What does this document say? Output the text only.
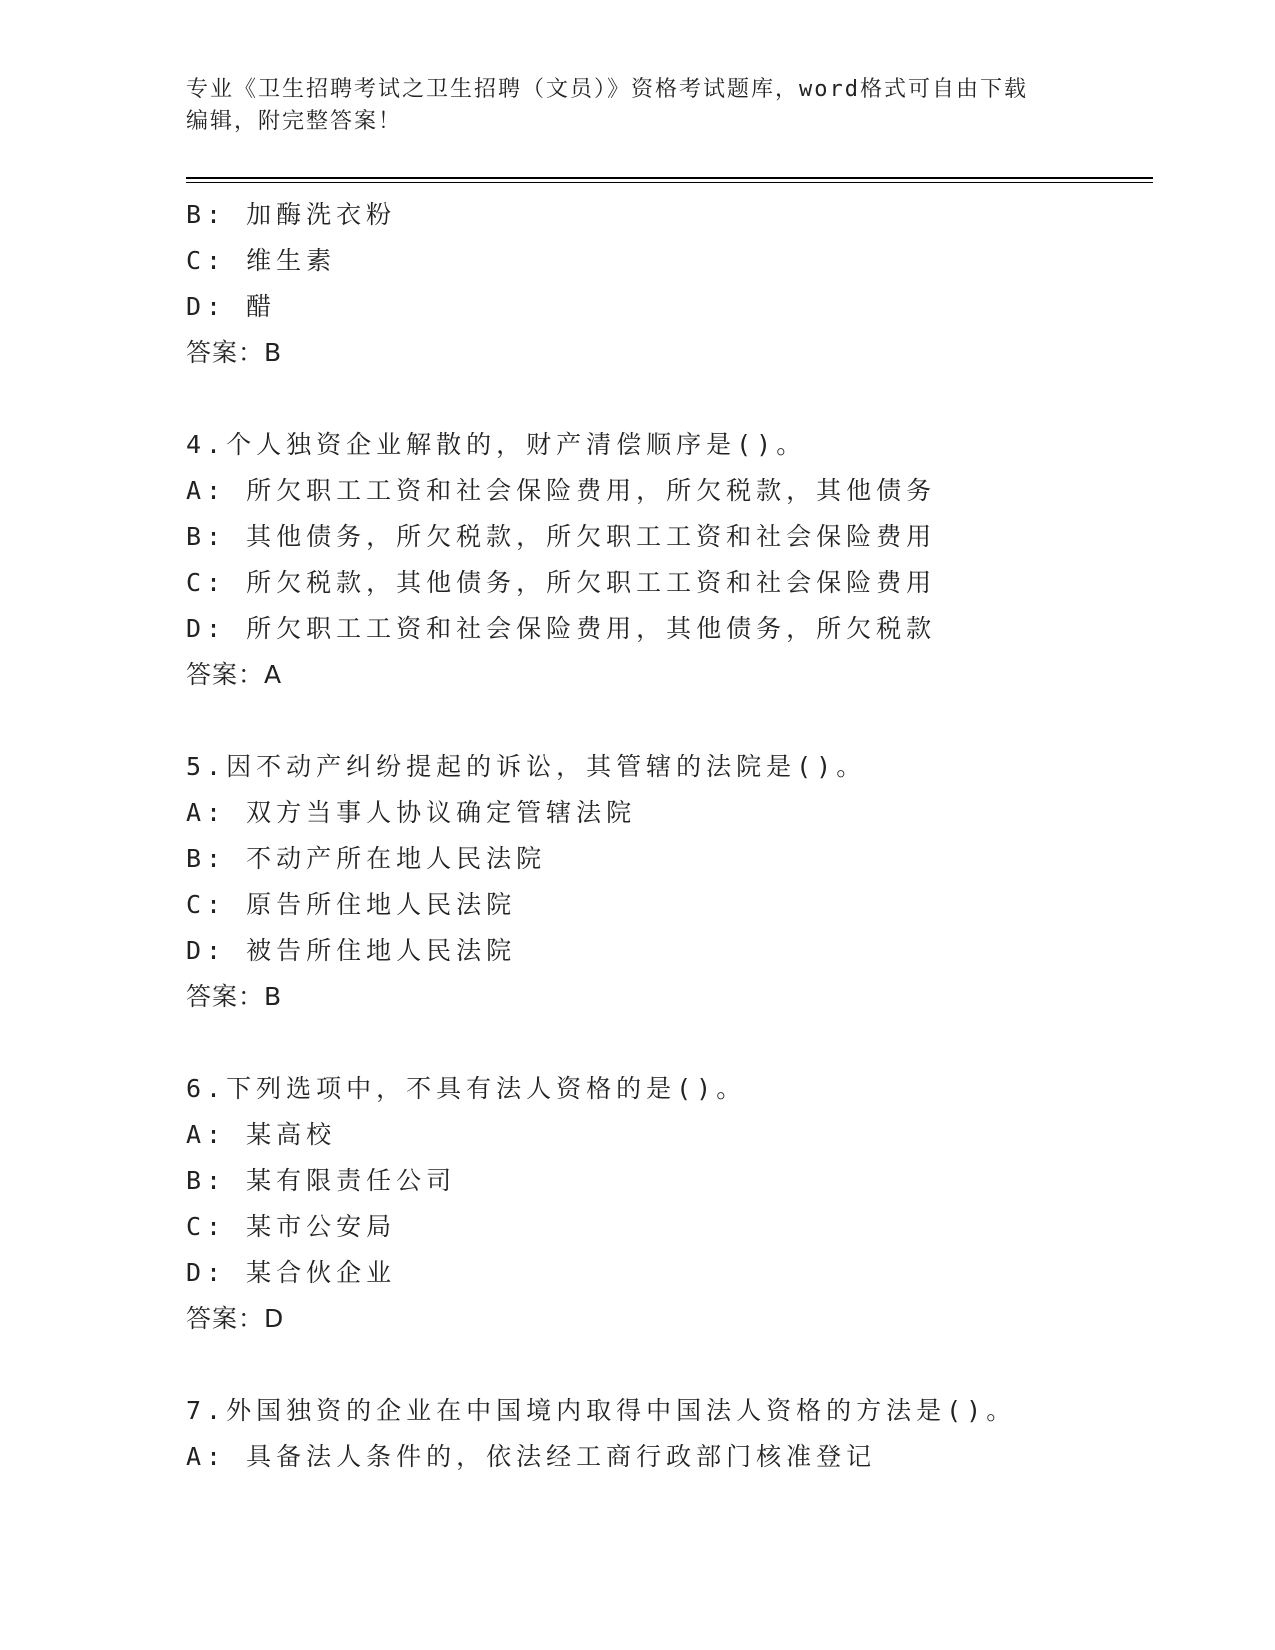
专业《卫生招聘考试之卫生招聘（文员）》资格考试题库，word格式可自由下载
编辑，附完整答案！
B: 加酶洗衣粉
C: 维生素
D: 醋
答案：B
4.个人独资企业解散的，财产清偿顺序是()。
A: 所欠职工工资和社会保险费用，所欠税款，其他债务
B: 其他债务，所欠税款，所欠职工工资和社会保险费用
C: 所欠税款，其他债务，所欠职工工资和社会保险费用
D: 所欠职工工资和社会保险费用，其他债务，所欠税款
答案：A
5.因不动产纠纷提起的诉讼，其管辖的法院是()。
A: 双方当事人协议确定管辖法院
B: 不动产所在地人民法院
C: 原告所住地人民法院
D: 被告所住地人民法院
答案：B
6.下列选项中，不具有法人资格的是()。
A: 某高校
B: 某有限责任公司
C: 某市公安局
D: 某合伙企业
答案：D
7.外国独资的企业在中国境内取得中国法人资格的方法是()。
A: 具备法人条件的，依法经工商行政部门核准登记
